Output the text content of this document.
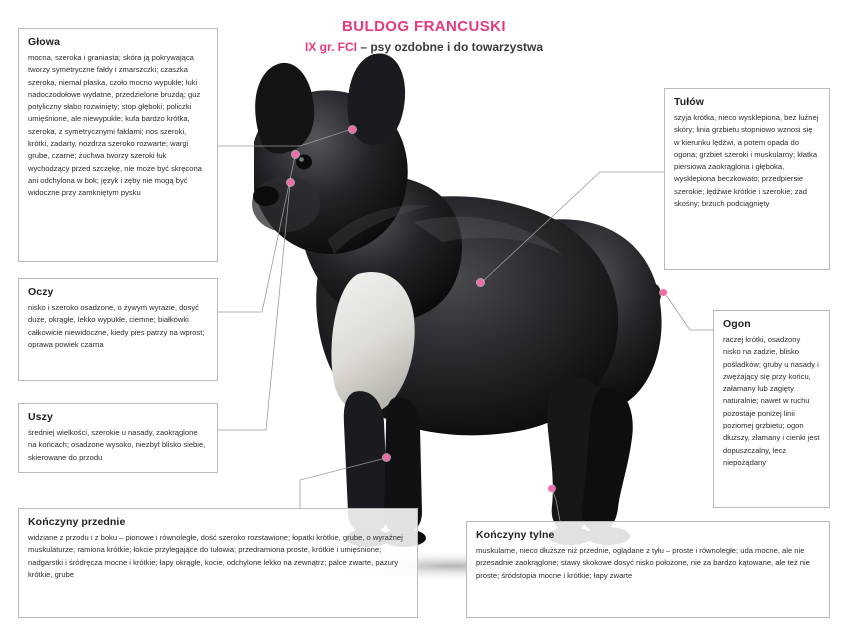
BULDOG FRANCUSKI
IX gr. FCI – psy ozdobne i do towarzystwa
Głowa

mocna, szeroka i graniasta; skóra ją pokrywająca tworzy symetryczne fałdy i zmarszczki; czaszka szeroka, niemal płaska, czoło mocno wypukłe; łuki nadoczodołowe wydatne, przedzielone bruzdą; guz potyliczny słabo rozwinięty; stop głęboki; policzki umięśnione, ale niewypukłe; kufa bardzo krótka, szeroka, z symetrycznymi fałdami; nos szeroki, krótki, zadarty, nozdrza szeroko rozwarte; wargi grube, czarne; żuchwa tworzy szeroki łuk wychodzący przed szczękę, nie może być skręcona ani odchylona w bok; język i zęby nie mogą być widoczne przy zamkniętym pysku

Oczy

nisko i szeroko osadzone, o żywym wyrazie, dosyć duże, okrągłe, lekko wypukłe, ciemne; białkówki całkowicie niewidoczne, kiedy pies patrzy na wprost; oprawa powiek czarna

Uszy

średniej wielkości, szerokie u nasady, zaokrąglone na końcach; osadzone wysoko, niezbyt blisko siebie, skierowane do przodu

Kończyny przednie

widziane z przodu i z boku – pionowe i równoległe, dość szeroko rozstawione; łopatki krótkie, grube, o wyraźnej muskulaturze; ramiona krótkie; łokcie przylegające do tułowia; przedramiona proste, krótkie i umięśnione; nadgarstki i śródręcza mocne i krótkie; łapy okrągłe, kocie, odchylone lekko na zewnątrz; palce zwarte, pazury krótkie, grube

Tułów

szyja krótka, nieco wysklepiona, bez luźnej skóry; linia grzbietu stopniowo wznosi się w kierunku lędźwi, a potem opada do ogona; grzbiet szeroki i muskularny; kłatka piersiowa zaokrąglona i głęboka, wysklepiona beczkowato; przedpiersie szerokie; lędźwie krótkie i szerokie; zad skośny; brzuch podciągnięty

Ogon

raczej krótki, osadzony nisko na zadzie, blisko pośladków; gruby u nasady i zwężający się przy końcu, załamany lub zagięty naturalnie; nawet w ruchu pozostaje poniżej linii poziomej grzbietu; ogon dłuższy, złamany i cienki jest dopuszczalny, lecz niepożądany

Kończyny tylne

muskularne, nieco dłuższe niż przednie, oglądane z tyłu – proste i równoległe; uda mocne, ale nie przesadnie zaokrąglone; stawy skokowe dosyć nisko położone, nie za bardzo kątowane, ale też nie proste; śródstopia mocne i krótkie; łapy zwarte
